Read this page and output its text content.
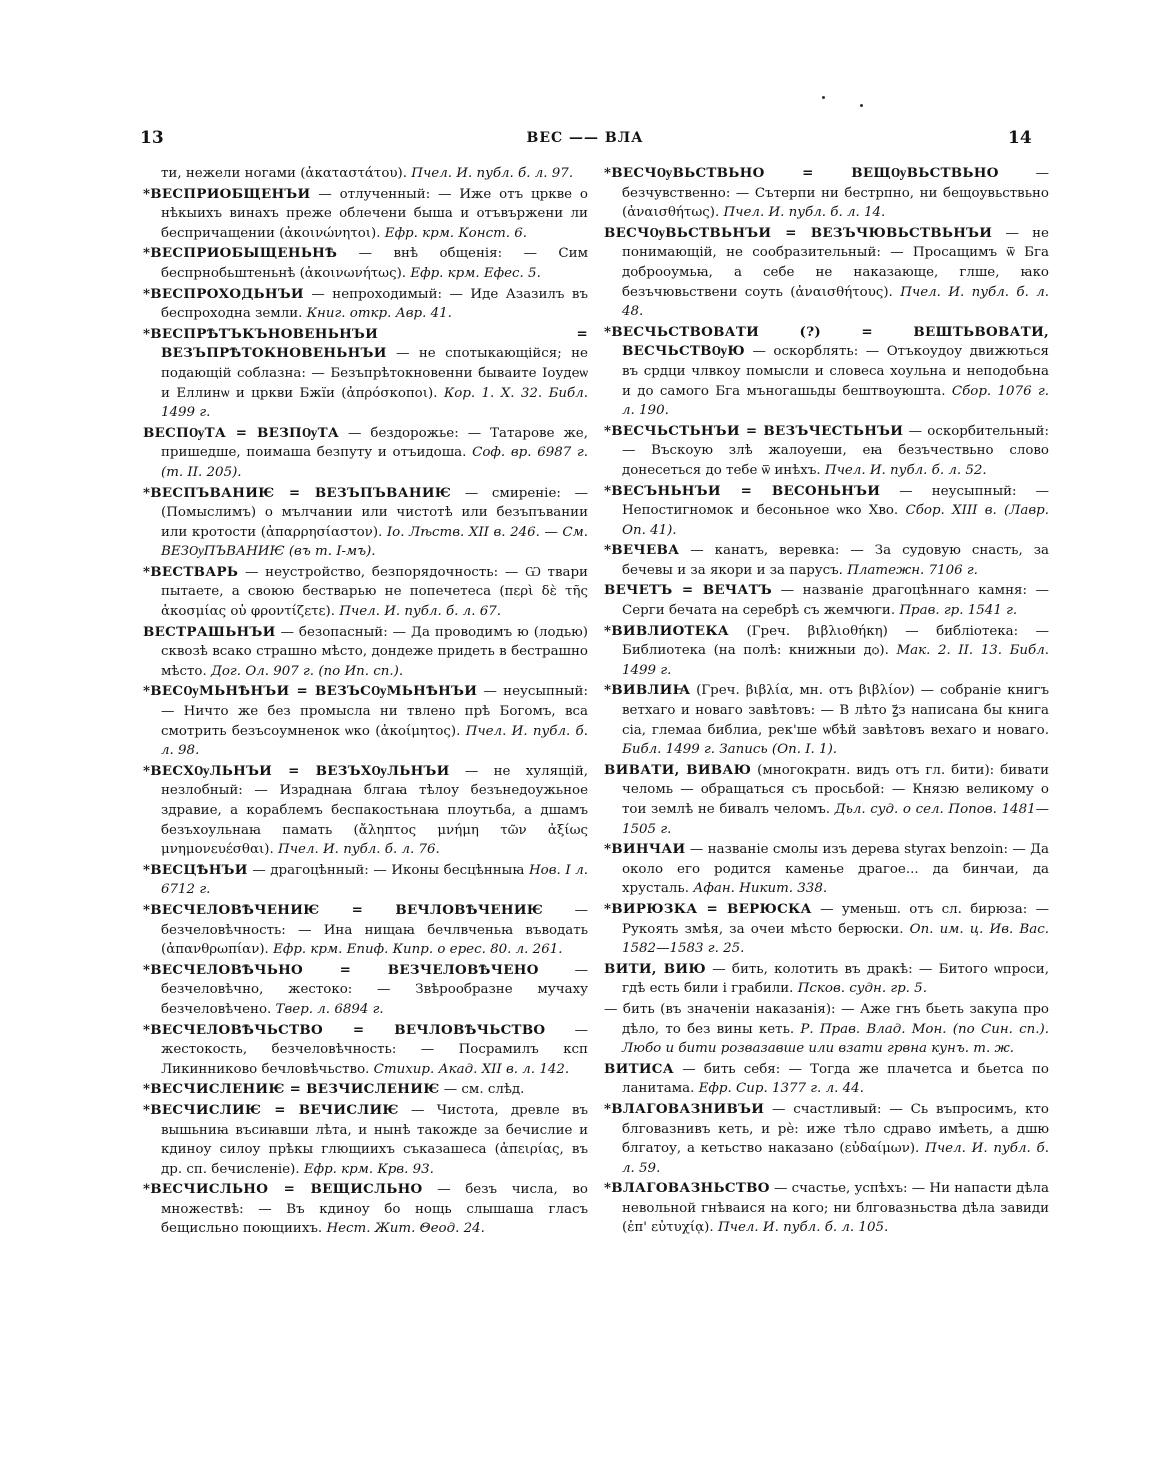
13	ВЕС —— ВЛА	14

ти, нежели ногами (ἀκαταστάτου). Пчел. И. публ. б. л. 97.

*ВЕСПРИОБЩЕНЪИ — отлученный: — Иже отъ црквe о нѣкыихъ винахъ преже облечени быша и отъвържени ли беспричащении (ἀκοινώνητοι). Ефр. крм. Конст. 6.

*ВЕСПРИОБЫЩЕНЬНѢ — внѣ общенія: — Сим беспрнобьштеньнѣ (ἀκοινωνήτως). Ефр. крм. Ефес. 5.

*ВЕСПРОХОДЬНЪИ — непроходимый: — Иде Азазилъ въ беспроходна земли. Книг. откр. Авр. 41.

*ВЕСПРѢТЪКЪНОВЕНЬНЪИ = ВЕЗЪПРѢТОКНОВЕНЬНЪИ — не спотыкающійся; не подающій соблазна: — Безъпрѣтокновенни бываите Іоудеѡ и Еллинѡ и цркви Бжїи (ἀπρόσκοποι). Кор. 1. X. 32. Библ. 1499 г.

ВЕСПѸТА = ВЕЗПѸТА — бездорожье: — Татарове же, пришедше, поимаша безпуту и отъидоша. Соф. вр. 6987 г. (т. II. 205).

*ВЕСПЪВАНИѤ = ВЕЗЪПЪВАНИѤ — смиреніе: — (Помыслимъ) о мълчании или чистотѣ или безъпъвании или кротости (ἀπαρρησίαστον). Іо. Лѣств. XII в. 246. — См. ВЕЗѸПЪВАНИѤ (въ т. І-мъ).

*ВЕСТВАРЬ — неустройство, безпорядочность: — Ѡ твари пытаете, а своюю бестварью не попечетеса (περὶ δὲ τῆς ἀκοσμίας οὐ φροντίζετε). Пчел. И. публ. б. л. 67.

ВЕСТРАШЬНЪИ — безопасный: — Да проводимъ ю (лодью) сквозѣ всако страшно мѣсто, дондеже придеть в бестрашно мѣсто. Дог. Ол. 907 г. (по Ип. сп.).

*ВЕСѸМЬНѢНЪИ = ВЕЗЪСѸМЬНѢНЪИ — неусыпный: — Ничто же без промысла ни твлено прѣ Богомъ, вса смотрить безъсоумненок ѡко (ἀκοίμητος). Пчел. И. публ. б. л. 98.

*ВЕСХѸЛЬНЪИ = ВЕЗЪХѸЛЬНЪИ — не хулящій, незлобный: — Израднаꙗ блгаꙗ тѣлоу безънедоужьное здравие, а кораблемъ беспакостьнаꙗ плоутьба, а дшамъ безъхоульнаꙗ памать (ἄληπτος μνήμη τῶν ἀξίως μνημονευέσθαι). Пчел. И. публ. б. л. 76.

*ВЕСЦѢНЪИ — драгоцѣнный: — Иконы бесцѣнныꙗ Нов. I л. 6712 г.

*ВЕСЧЕЛОВѢЧЕНИѤ = ВЕЧЛОВѢЧЕНИѤ — безчеловѣчность: — Ина нищаꙗ бечлвченьꙗ въводать (ἀπανθρωπίαν). Ефр. крм. Епиф. Кипр. о ерес. 80. л. 261.

*ВЕСЧЕЛОВѢЧЬНО = ВЕЗЧЕЛОВѢЧЕНО	— безчеловѣчно, жестоко: — Звѣрообразне мучаху безчеловѣчено. Твер. л. 6894 г.

*ВЕСЧЕЛОВѢЧЬСТВО = ВЕЧЛОВѢЧЬСТВО — жестокость, безчеловѣчность: — Посрамилъ ксп Ликинниково бечловѣчьство. Стихир. Акад. XII в. л. 142.

*ВЕСЧИСЛЕНИѤ = ВЕЗЧИСЛЕНИѤ — см. слѣд.

*ВЕСЧИСЛИѤ = ВЕЧИСЛИѤ — Чистота, древле въ вышьниꙗ въсиꙗвши лѣта, и нынѣ такожде за бечислие и кдиноу силоу прѣкы глющиихъ съказашеса (ἀπειρίας, въ др. сп. бечисленіе). Ефр. крм. Крв. 93.

*ВЕСЧИСЛЬНО = ВЕЩИСЛЬНО — безъ числа, во множествѣ: — Въ кдиноу бо нощь слышаша гласъ бещисльно поющиихъ. Нест. Жит. Θеод. 24.

*ВЕСЧѸВЬСТВЬНО = ВЕЩѸВЬСТВЬНО	— безчувственно: — Сътерпи ни бестрпно, ни бещоувьствьно (ἀναισθήτως). Пчел. И. публ. б. л. 14.

ВЕСЧѸВЬСТВЬНЪИ = ВЕЗЪЧЮВЬСТВЬНЪИ — не понимающій, не сообразительный: — Просащимъ ѿ Бга доброоумьꙗ, а себе не наказающе, глше, ꙗко безъчювьствени соуть (ἀναισθήτους). Пчел. И. публ. б. л. 48.

*ВЕСЧЬСТВОВАТИ (?) = ВЕШТЬВОВАТИ, ВЕСЧЬСТВѸЮ — оскорблять: — Отъкоудоу движються въ срдци члвкоу помысли и словеса хоульна и неподобьна и до самого Бга мъногашьды бештвоуюшта. Сбор. 1076 г. л. 190.

*ВЕСЧЬСТЬНЪИ = ВЕЗЪЧЕСТЬНЪИ — оскорбительный: — Въскоую злѣ жалоуеши, еꙗ безъчествьно слово донесеться до тебе ѿ инѣхъ. Пчел. И. публ. б. л. 52.

*ВЕСЪНЬНЪИ = ВЕСОНЬНЪИ — неусыпный: — Непостигномок и бесоньное ѡко Хво. Сбор. XIII в. (Лавр. Оп. 41).

*ВЕЧЕВА — канатъ, веревка: — За судовую снасть, за бечевы и за якори и за парусъ. Платежн. 7106 г.

ВЕЧЕТЪ = ВЕЧАТЪ — названіе драгоцѣннаго камня: — Серги бечата на серебрѣ съ жемчюги. Прав. гр. 1541 г.

*ВИВЛИОТЕКА (Греч. βιβλιοθήκη) — библіотека: — Библиотека (на полѣ: книжныи дѻ). Мак. 2. II. 13. Библ. 1499 г.

*ВИВЛИꙖ (Греч. βιβλία, мн. отъ βιβλίον) — собраніе книгъ ветхаго и новаго завѣтовъ: — В лѣто ꙁ҃з написана бы книга сіа, глемаа библиа, рек'ше ѡбѣй завѣтовъ вехаго и новаго. Библ. 1499 г. Запись (Оп. I. 1).

ВИВАТИ, ВИВАЮ (многократн. видъ отъ гл. бити): бивати челомь — обращаться съ просьбой: — Князю великому о тои землѣ не бивалъ челомъ. Дьл. суд. о сел. Попов. 1481—1505 г.

*ВИНЧАИ — названіе смолы изъ дерева styrax benzoin: — Да около его родится каменье драгое... да бинчаи, да хрусталь. Афан. Никит. 338.

*ВИРЮЗКА = ВЕРЮСКА — уменьш. отъ сл. бирюза: — Рукоять змѣя, за очеи мѣсто берюски. Оп. им. ц. Ив. Вас. 1582—1583 г. 25.

ВИТИ, ВИЮ — бить, колотить въ дракѣ: — Битого ѡпроси, гдѣ есть били і грабили. Псков. судн. гр. 5.

— бить (въ значеніи наказанія): — Аже гнъ бьеть закупа про дѣло, то без вины кеть. Р. Прав. Влад. Мон. (по Син. сп.). Любо и бити розвазавше или взати грвна кунъ. т. ж.

ВИТИСА — бить себя: — Тогда же плачетса и бьетса по ланитама. Ефр. Сир. 1377 г. л. 44.

*ВЛАГОВАЗНИВЪИ — счастливый: — Сь въпросимъ, кто блговазнивъ кеть, и рѐ: иже тѣло сдраво имѣеть, а дшю блгатоу, а кетьство наказано (εὐδαίμων). Пчел. И. публ. б. л. 59.

*ВЛАГОВАЗНЬСТВО — счастье, успѣхъ: — Ни напасти дѣла невольной гнѣваися на кого; ни блговазньства дѣла завиди (ἐπ' εὐτυχίᾳ). Пчел. И. публ. б. л. 105.
